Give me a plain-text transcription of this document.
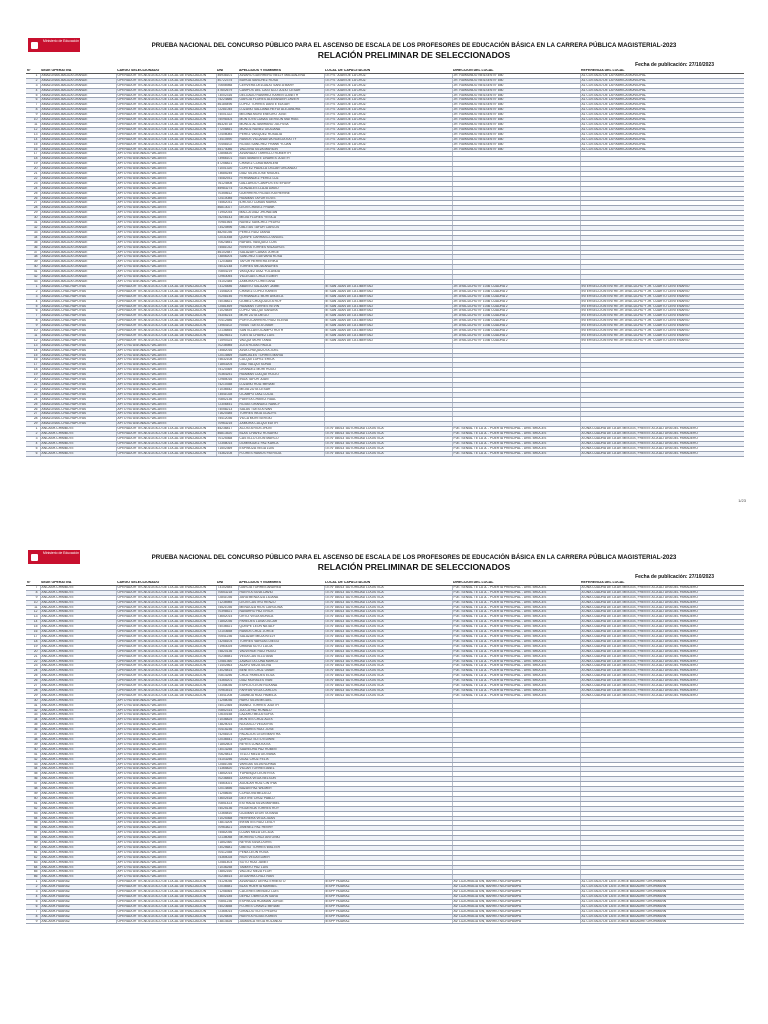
Ministerio de Educación
PRUEBA NACIONAL DEL CONCURSO PÚBLICO PARA EL ASCENSO DE ESCALA DE LOS PROFESORES DE EDUCACIÓN BÁSICA EN LA CARRERA PÚBLICA MAGISTERIAL-2023
RELACIÓN PRELIMINAR DE SELECCIONADOS
Fecha de publicación: 27/10/2023
N°	SEDE OPERATIVA	CARGO SELECCIONADO	DNI	APELLIDOS Y NOMBRES	LOCAL DE CAPACITACIÓN	DIRECCIÓN DEL LOCAL	REFERENCIA DEL LOCAL
1	AMAZONAS-BAGUA GRANDE	OPERADOR TECNOLÓGICO DE LOCAL DE EVALUACIÓN	46938101	ALVARO GUERRERO NELLY MAGDALENA	I.E.P.S 'JUAN DE LA CRUZ'	JR. RAIMUNDO NEILSEN N° 850	AL COSTADO DE LA FABRICA MUNICIPAL
2	AMAZONAS-BAGUA GRANDE	OPERADOR TECNOLÓGICO DE LOCAL DE EVALUACIÓN	40722375	BURGA SANCHEZ ROSA	I.E.P.S 'JUAN DE LA CRUZ'	JR. RAIMUNDO NEILSEN N° 850	AL COSTADO DE LA FABRICA MUNICIPAL
3	AMAZONAS-BAGUA GRANDE	OPERADOR TECNOLÓGICO DE LOCAL DE EVALUACIÓN	70656988	CERVERA DELGADO SANTA MARY	I.E.P.S 'JUAN DE LA CRUZ'	JR. RAIMUNDO NEILSEN N° 850	AL COSTADO DE LA FABRICA MUNICIPAL
4	AMAZONAS-BAGUA GRANDE	OPERADOR TECNOLÓGICO DE LOCAL DE EVALUACIÓN	47602679	CAMPOS DEL CASTILLO JULIO CESAR	I.E.P.S 'JUAN DE LA CRUZ'	JR. RAIMUNDO NEILSEN N° 850	AL COSTADO DE LA FABRICA MUNICIPAL
5	AMAZONAS-BAGUA GRANDE	OPERADOR TECNOLÓGICO DE LOCAL DE EVALUACIÓN	73002316	DELGADO RAMIREZ KAREN LIZBETH	I.E.P.S 'JUAN DE LA CRUZ'	JR. RAIMUNDO NEILSEN N° 850	AL COSTADO DE LA FABRICA MUNICIPAL
6	AMAZONAS-BAGUA GRANDE	OPERADOR TECNOLÓGICO DE LOCAL DE EVALUACIÓN	75224886	GARCIA FLORES ALEXANDER JAVIER	I.E.P.S 'JUAN DE LA CRUZ'	JR. RAIMUNDO NEILSEN N° 850	AL COSTADO DE LA FABRICA MUNICIPAL
7	AMAZONAS-BAGUA GRANDE	OPERADOR TECNOLÓGICO DE LOCAL DE EVALUACIÓN	46185496	LOPEZ TORRES DANTE EDGAR	I.E.P.S 'JUAN DE LA CRUZ'	JR. RAIMUNDO NEILSEN N° 850	AL COSTADO DE LA FABRICA MUNICIPAL
8	AMAZONAS-BAGUA GRANDE	OPERADOR TECNOLÓGICO DE LOCAL DE EVALUACIÓN	72281045	LOZANO SALDAÑA HEYDI ALEJANDRA	I.E.P.S 'JUAN DE LA CRUZ'	JR. RAIMUNDO NEILSEN N° 850	AL COSTADO DE LA FABRICA MUNICIPAL
9	AMAZONAS-BAGUA GRANDE	OPERADOR TECNOLÓGICO DE LOCAL DE EVALUACIÓN	74001322	MEDINA MONTENEGRO JOSE	I.E.P.S 'JUAN DE LA CRUZ'	JR. RAIMUNDO NEILSEN N° 850	AL COSTADO DE LA FABRICA MUNICIPAL
10	AMAZONAS-BAGUA GRANDE	OPERADOR TECNOLÓGICO DE LOCAL DE EVALUACIÓN	75098304	MONTOYA CUBAS GERSON MATHIAS	I.E.P.S 'JUAN DE LA CRUZ'	JR. RAIMUNDO NEILSEN N° 850	AL COSTADO DE LA FABRICA MUNICIPAL
11	AMAZONAS-BAGUA GRANDE	OPERADOR TECNOLÓGICO DE LOCAL DE EVALUACIÓN	46328718	MUNOZ ALTAMIRANO JULYSSA	I.E.P.S 'JUAN DE LA CRUZ'	JR. RAIMUNDO NEILSEN N° 850	AL COSTADO DE LA FABRICA MUNICIPAL
12	AMAZONAS-BAGUA GRANDE	OPERADOR TECNOLÓGICO DE LOCAL DE EVALUACIÓN	77208851	MUÑOZ NUÑEZ GIULIANA	I.E.P.S 'JUAN DE LA CRUZ'	JR. RAIMUNDO NEILSEN N° 850	AL COSTADO DE LA FABRICA MUNICIPAL
13	AMAZONAS-BAGUA GRANDE	OPERADOR TECNOLÓGICO DE LOCAL DE EVALUACIÓN	72406084	PEREZ VASQUEZ ROSALIA	I.E.P.S 'JUAN DE LA CRUZ'	JR. RAIMUNDO NEILSEN N° 850	AL COSTADO DE LA FABRICA MUNICIPAL
14	AMAZONAS-BAGUA GRANDE	OPERADOR TECNOLÓGICO DE LOCAL DE EVALUACIÓN	73410590	RAMOS VILLANUEVA NOELIA KATTY	I.E.P.S 'JUAN DE LA CRUZ'	JR. RAIMUNDO NEILSEN N° 850	AL COSTADO DE LA FABRICA MUNICIPAL
15	AMAZONAS-BAGUA GRANDE	OPERADOR TECNOLÓGICO DE LOCAL DE EVALUACIÓN	70458102	ROJAS SANCHEZ FRANK YOJAN	I.E.P.S 'JUAN DE LA CRUZ'	JR. RAIMUNDO NEILSEN N° 850	AL COSTADO DE LA FABRICA MUNICIPAL
16	AMAZONAS-BAGUA GRANDE	OPERADOR TECNOLÓGICO DE LOCAL DE EVALUACIÓN	45174086	VALDIVIA SILVA MARILIN	I.E.P.S 'JUAN DE LA CRUZ'	JR. RAIMUNDO NEILSEN N° 850	AL COSTADO DE LA FABRICA MUNICIPAL
17	AMAZONAS-BAGUA GRANDE	APTO NO ASIGNADO VACANTE	72856420	ALVARADO TARRILLO ROBERTH			
18	AMAZONAS-BAGUA GRANDE	APTO NO ASIGNADO VACANTE	73966101	BUSTAMANTE LINARES JUDITH			
19	AMAZONAS-BAGUA GRANDE	APTO NO ASIGNADO VACANTE	47256821	CHAVEZ COBA MARLENI			
20	AMAZONAS-BAGUA GRANDE	APTO NO ASIGNADO VACANTE	71001320	CORTEZ PADILLA OSCAR ORLANDO			
21	AMAZONAS-BAGUA GRANDE	APTO NO ASIGNADO VACANTE	73685245	DIAZ SILVA JOSE MIGUEL			
22	AMAZONAS-BAGUA GRANDE	APTO NO ASIGNADO VACANTE	74082931	FERNANDEZ PEREZ LUZ			
23	AMAZONAS-BAGUA GRANDE	APTO NO ASIGNADO VACANTE	76124508	GALLARDO CAMPOS ESTEFANY			
24	AMAZONAS-BAGUA GRANDE	APTO NO ASIGNADO VACANTE	45983274	GONZALES LLAJA DAVID			
25	AMAZONAS-BAGUA GRANDE	APTO NO ASIGNADO VACANTE	70355612	GUERRERO ROJAS KATHERINE			
26	AMAZONAS-BAGUA GRANDE	APTO NO ASIGNADO VACANTE	72410085	HUAMAN TAFUR ELVIS			
27	AMAZONAS-BAGUA GRANDE	APTO NO ASIGNADO VACANTE	74562031	IDROGO CUBAS MARIA			
28	AMAZONAS-BAGUA GRANDE	APTO NO ASIGNADO VACANTE	46813027	LEON CHAVEZ FRANK			
29	AMAZONAS-BAGUA GRANDE	APTO NO ASIGNADO VACANTE	71952034	MALCA DIAZ JHONATAN			
30	AMAZONAS-BAGUA GRANDE	APTO NO ASIGNADO VACANTE	75206143	MEJIA FLORES YESICA			
31	AMAZONAS-BAGUA GRANDE	APTO NO ASIGNADO VACANTE	70981564	NUÑEZ SANCHEZ PEDRO			
32	AMAZONAS-BAGUA GRANDE	APTO NO ASIGNADO VACANTE	73420896	OBLITAS TAFUR CARLOS			
33	AMAZONAS-BAGUA GRANDE	APTO NO ASIGNADO VACANTE	48251036	PEREZ RUIZ DIANA			
34	AMAZONAS-BAGUA GRANDE	APTO NO ASIGNADO VACANTE	72031458	QUISPE CARRASCO ANGEL			
35	AMAZONAS-BAGUA GRANDE	APTO NO ASIGNADO VACANTE	70624851	RAFAEL VASQUEZ LUIS			
36	AMAZONAS-BAGUA GRANDE	APTO NO ASIGNADO VACANTE	74581032	RIVERA TORRES MILAGROS			
37	AMAZONAS-BAGUA GRANDE	APTO NO ASIGNADO VACANTE	46102587	SALAZAR CUBAS JORGE			
38	AMAZONAS-BAGUA GRANDE	APTO NO ASIGNADO VACANTE	73856204	SANCHEZ GUEVARA ROSA			
39	AMAZONAS-BAGUA GRANDE	APTO NO ASIGNADO VACANTE	71203685	TAFUR HERRERA ERIKA			
40	AMAZONAS-BAGUA GRANDE	APTO NO ASIGNADO VACANTE	75032148	TORRES MEJIA ANDRES			
41	AMAZONAS-BAGUA GRANDE	APTO NO ASIGNADO VACANTE	70854219	VASQUEZ DIAZ YOLANDA			
42	AMAZONAS-BAGUA GRANDE	APTO NO ASIGNADO VACANTE	72963054	VILLEGAS CRUZ ELMER			
43	AMAZONAS-BAGUA GRANDE	APTO NO ASIGNADO VACANTE	74102385	ZAMORA FLORES ANA			
1	AMAZONAS-CHACHAPOYAS	OPERADOR TECNOLÓGICO DE LOCAL DE EVALUACIÓN	73125486	ABANTO SALAZAR JAIME	IE SAN JUAN DE LA LIBERTAD	JR. AYACUCHO N° 1036 CUADRA 2	INTERSECCIÓN ENTRE JR. AYACUCHO Y JR. CUARTO CENTENARIO
2	AMAZONAS-CHACHAPOYAS	OPERADOR TECNOLÓGICO DE LOCAL DE EVALUACIÓN	71458203	CHAVEZ LOPEZ KAREN	IE SAN JUAN DE LA LIBERTAD	JR. AYACUCHO N° 1036 CUADRA 2	INTERSECCIÓN ENTRE JR. AYACUCHO Y JR. CUARTO CENTENARIO
3	AMAZONAS-CHACHAPOYAS	OPERADOR TECNOLÓGICO DE LOCAL DE EVALUACIÓN	70258146	FERNANDEZ MORI ANGELA	IE SAN JUAN DE LA LIBERTAD	JR. AYACUCHO N° 1036 CUADRA 2	INTERSECCIÓN ENTRE JR. AYACUCHO Y JR. CUARTO CENTENARIO
4	AMAZONAS-CHACHAPOYAS	OPERADOR TECNOLÓGICO DE LOCAL DE EVALUACIÓN	74036821	GOMEZ CHUQUIZUTA ROY	IE SAN JUAN DE LA LIBERTAD	JR. AYACUCHO N° 1036 CUADRA 2	INTERSECCIÓN ENTRE JR. AYACUCHO Y JR. CUARTO CENTENARIO
5	AMAZONAS-CHACHAPOYAS	OPERADOR TECNOLÓGICO DE LOCAL DE EVALUACIÓN	72581469	HUAMAN TORRES KEVIN	IE SAN JUAN DE LA LIBERTAD	JR. AYACUCHO N° 1036 CUADRA 2	INTERSECCIÓN ENTRE JR. AYACUCHO Y JR. CUARTO CENTENARIO
6	AMAZONAS-CHACHAPOYAS	OPERADOR TECNOLÓGICO DE LOCAL DE EVALUACIÓN	71025839	LOPEZ VALQUI SANDRA	IE SAN JUAN DE LA LIBERTAD	JR. AYACUCHO N° 1036 CUADRA 2	INTERSECCIÓN ENTRE JR. AYACUCHO Y JR. CUARTO CENTENARIO
7	AMAZONAS-CHACHAPOYAS	OPERADOR TECNOLÓGICO DE LOCAL DE EVALUACIÓN	75306214	MORI ZUTA DIEGO	IE SAN JUAN DE LA LIBERTAD	JR. AYACUCHO N° 1036 CUADRA 2	INTERSECCIÓN ENTRE JR. AYACUCHO Y JR. CUARTO CENTENARIO
8	AMAZONAS-CHACHAPOYAS	OPERADOR TECNOLÓGICO DE LOCAL DE EVALUACIÓN	70412586	PORTOCARRERO RUIZ ELENA	IE SAN JUAN DE LA LIBERTAD	JR. AYACUCHO N° 1036 CUADRA 2	INTERSECCIÓN ENTRE JR. AYACUCHO Y JR. CUARTO CENTENARIO
9	AMAZONAS-CHACHAPOYAS	OPERADOR TECNOLÓGICO DE LOCAL DE EVALUACIÓN	73964102	RIVAS TUESTA OMAR	IE SAN JUAN DE LA LIBERTAD	JR. AYACUCHO N° 1036 CUADRA 2	INTERSECCIÓN ENTRE JR. AYACUCHO Y JR. CUARTO CENTENARIO
10	AMAZONAS-CHACHAPOYAS	OPERADOR TECNOLÓGICO DE LOCAL DE EVALUACIÓN	72136854	SANTILLAN OCAMPO RUTH	IE SAN JUAN DE LA LIBERTAD	JR. AYACUCHO N° 1036 CUADRA 2	INTERSECCIÓN ENTRE JR. AYACUCHO Y JR. CUARTO CENTENARIO
11	AMAZONAS-CHACHAPOYAS	OPERADOR TECNOLÓGICO DE LOCAL DE EVALUACIÓN	74825631	TUESTA CHAVEZ LUIS	IE SAN JUAN DE LA LIBERTAD	JR. AYACUCHO N° 1036 CUADRA 2	INTERSECCIÓN ENTRE JR. AYACUCHO Y JR. CUARTO CENTENARIO
12	AMAZONAS-CHACHAPOYAS	OPERADOR TECNOLÓGICO DE LOCAL DE EVALUACIÓN	71590324	VALQUI MORI TANIA	IE SAN JUAN DE LA LIBERTAD	JR. AYACUCHO N° 1036 CUADRA 2	INTERSECCIÓN ENTRE JR. AYACUCHO Y JR. CUARTO CENTENARIO
13	AMAZONAS-CHACHAPOYAS	APTO NO ASIGNADO VACANTE	70236985	ZUTA ROJAS PAOLA			
14	AMAZONAS-CHACHAPOYAS	APTO NO ASIGNADO VACANTE	73582016	ALVA CHUQUIZUTA JOEL			
15	AMAZONAS-CHACHAPOYAS	APTO NO ASIGNADO VACANTE	72014569	BARDALES TORRES MARIA			
16	AMAZONAS-CHACHAPOYAS	APTO NO ASIGNADO VACANTE	74632108	CULQUI LOPEZ ERICK			
17	AMAZONAS-CHACHAPOYAS	APTO NO ASIGNADO VACANTE	71853204	DIAZ VALQUI SONIA			
18	AMAZONAS-CHACHAPOYAS	APTO NO ASIGNADO VACANTE	75120369	GRANDEZ MORI HUGO			
19	AMAZONAS-CHACHAPOYAS	APTO NO ASIGNADO VACANTE	70364251	HUAMAN CULQUI ROCIO			
20	AMAZONAS-CHACHAPOYAS	APTO NO ASIGNADO VACANTE	72985016	INGA TAFUR JUAN			
21	AMAZONAS-CHACHAPOYAS	APTO NO ASIGNADO VACANTE	74210358	LOZANO RUIZ MIRIAM			
22	AMAZONAS-CHACHAPOYAS	APTO NO ASIGNADO VACANTE	71036542	MEJIA ZUTA CESAR			
23	AMAZONAS-CHACHAPOYAS	APTO NO ASIGNADO VACANTE	73541028	OCAMPO DIAZ LUCIA			
24	AMAZONAS-CHACHAPOYAS	APTO NO ASIGNADO VACANTE	70852136	PUERTA CHAVEZ RAUL			
25	AMAZONAS-CHACHAPOYAS	APTO NO ASIGNADO VACANTE	72306451	ROJAS GRANDEZ NANCY			
26	AMAZONAS-CHACHAPOYAS	APTO NO ASIGNADO VACANTE	74058213	SALAS TUESTA IVAN			
27	AMAZONAS-CHACHAPOYAS	APTO NO ASIGNADO VACANTE	71620385	TORRES INGA GLADYS			
28	AMAZONAS-CHACHAPOYAS	APTO NO ASIGNADO VACANTE	75412036	VILCA MORI SERGIO			
29	AMAZONAS-CHACHAPOYAS	APTO NO ASIGNADO VACANTE	70963215	ZAMORA CULQUI EDITH			
1	ANCASH-CHIMBOTE	OPERADOR TECNOLÓGICO DE LOCAL DE EVALUACIÓN	45236817	ACOSTA RIOS JHON	I.E.N° 88013 'AUTORIDAD LOGÍSTICA'	PJE. SENIAL TE LA JL - PUERTA PRINCIPAL - URB. BRUCES	A UNA CUADRA DE LA AV. MEIGGS, FRENTE A LA ALTURA DEL PARADERO
2	ANCASH-CHIMBOTE	OPERADOR TECNOLÓGICO DE LOCAL DE EVALUACIÓN	46813520	BLAS CHAVEZ ROSARIO	I.E.N° 88013 'AUTORIDAD LOGÍSTICA'	PJE. SENIAL TE LA JL - PUERTA PRINCIPAL - URB. BRUCES	A UNA CUADRA DE LA AV. MEIGGS, FRENTE A LA ALTURA DEL PARADERO
3	ANCASH-CHIMBOTE	OPERADOR TECNOLÓGICO DE LOCAL DE EVALUACIÓN	70125368	CASTILLO LEON MARCO	I.E.N° 88013 'AUTORIDAD LOGÍSTICA'	PJE. SENIAL TE LA JL - PUERTA PRINCIPAL - URB. BRUCES	A UNA CUADRA DE LA AV. MEIGGS, FRENTE A LA ALTURA DEL PARADERO
4	ANCASH-CHIMBOTE	OPERADOR TECNOLÓGICO DE LOCAL DE EVALUACIÓN	72358014	DOMINGUEZ PAZ KARLA	I.E.N° 88013 'AUTORIDAD LOGÍSTICA'	PJE. SENIAL TE LA JL - PUERTA PRINCIPAL - URB. BRUCES	A UNA CUADRA DE LA AV. MEIGGS, FRENTE A LA ALTURA DEL PARADERO
5	ANCASH-CHIMBOTE	OPERADOR TECNOLÓGICO DE LOCAL DE EVALUACIÓN	71502369	ESPINOZA VEGA LUIS	I.E.N° 88013 'AUTORIDAD LOGÍSTICA'	PJE. SENIAL TE LA JL - PUERTA PRINCIPAL - URB. BRUCES	A UNA CUADRA DE LA AV. MEIGGS, FRENTE A LA ALTURA DEL PARADERO
6	ANCASH-CHIMBOTE	OPERADOR TECNOLÓGICO DE LOCAL DE EVALUACIÓN	74362108	FLORES RAMOS PATRICIA	I.E.N° 88013 'AUTORIDAD LOGÍSTICA'	PJE. SENIAL TE LA JL - PUERTA PRINCIPAL - URB. BRUCES	A UNA CUADRA DE LA AV. MEIGGS, FRENTE A LA ALTURA DEL PARADERO
1/23
Ministerio de Educación
PRUEBA NACIONAL DEL CONCURSO PÚBLICO PARA EL ASCENSO DE ESCALA DE LOS PROFESORES DE EDUCACIÓN BÁSICA EN LA CARRERA PÚBLICA MAGISTERIAL-2023
RELACIÓN PRELIMINAR DE SELECCIONADOS
Fecha de publicación: 27/10/2023
N°	SEDE OPERATIVA	CARGO SELECCIONADO	DNI	APELLIDOS Y NOMBRES	LOCAL DE CAPACITACIÓN	DIRECCIÓN DEL LOCAL	REFERENCIA DEL LOCAL
7	ANCASH-CHIMBOTE	OPERADOR TECNOLÓGICO DE LOCAL DE EVALUACIÓN	73102584	GARCIA TORRES ANDREA	I.E.N° 88013 'AUTORIDAD LOGÍSTICA'	PJE. SENIAL TE LA JL - PUERTA PRINCIPAL - URB. BRUCES	A UNA CUADRA DE LA AV. MEIGGS, FRENTE A LA ALTURA DEL PARADERO
8	ANCASH-CHIMBOTE	OPERADOR TECNOLÓGICO DE LOCAL DE EVALUACIÓN	70653218	HUERTA SILVA DAVID	I.E.N° 88013 'AUTORIDAD LOGÍSTICA'	PJE. SENIAL TE LA JL - PUERTA PRINCIPAL - URB. BRUCES	A UNA CUADRA DE LA AV. MEIGGS, FRENTE A LA ALTURA DEL PARADERO
9	ANCASH-CHIMBOTE	OPERADOR TECNOLÓGICO DE LOCAL DE EVALUACIÓN	72841036	JARA MENDOZA LILIANA	I.E.N° 88013 'AUTORIDAD LOGÍSTICA'	PJE. SENIAL TE LA JL - PUERTA PRINCIPAL - URB. BRUCES	A UNA CUADRA DE LA AV. MEIGGS, FRENTE A LA ALTURA DEL PARADERO
10	ANCASH-CHIMBOTE	OPERADOR TECNOLÓGICO DE LOCAL DE EVALUACIÓN	71236985	LEON CASTRO RENZO	I.E.N° 88013 'AUTORIDAD LOGÍSTICA'	PJE. SENIAL TE LA JL - PUERTA PRINCIPAL - URB. BRUCES	A UNA CUADRA DE LA AV. MEIGGS, FRENTE A LA ALTURA DEL PARADERO
11	ANCASH-CHIMBOTE	OPERADOR TECNOLÓGICO DE LOCAL DE EVALUACIÓN	74521036	MENDOZA RIOS CAROLINA	I.E.N° 88013 'AUTORIDAD LOGÍSTICA'	PJE. SENIAL TE LA JL - PUERTA PRINCIPAL - URB. BRUCES	A UNA CUADRA DE LA AV. MEIGGS, FRENTE A LA ALTURA DEL PARADERO
12	ANCASH-CHIMBOTE	OPERADOR TECNOLÓGICO DE LOCAL DE EVALUACIÓN	70398521	NAVARRO PAZ ERICK	I.E.N° 88013 'AUTORIDAD LOGÍSTICA'	PJE. SENIAL TE LA JL - PUERTA PRINCIPAL - URB. BRUCES	A UNA CUADRA DE LA AV. MEIGGS, FRENTE A LA ALTURA DEL PARADERO
13	ANCASH-CHIMBOTE	OPERADOR TECNOLÓGICO DE LOCAL DE EVALUACIÓN	73652014	ORTIZ VEGA MONICA	I.E.N° 88013 'AUTORIDAD LOGÍSTICA'	PJE. SENIAL TE LA JL - PUERTA PRINCIPAL - URB. BRUCES	A UNA CUADRA DE LA AV. MEIGGS, FRENTE A LA ALTURA DEL PARADERO
14	ANCASH-CHIMBOTE	OPERADOR TECNOLÓGICO DE LOCAL DE EVALUACIÓN	71852036	PAREDES LUNA OSCAR	I.E.N° 88013 'AUTORIDAD LOGÍSTICA'	PJE. SENIAL TE LA JL - PUERTA PRINCIPAL - URB. BRUCES	A UNA CUADRA DE LA AV. MEIGGS, FRENTE A LA ALTURA DEL PARADERO
15	ANCASH-CHIMBOTE	OPERADOR TECNOLÓGICO DE LOCAL DE EVALUACIÓN	74036521	QUISPE LEON NATALY	I.E.N° 88013 'AUTORIDAD LOGÍSTICA'	PJE. SENIAL TE LA JL - PUERTA PRINCIPAL - URB. BRUCES	A UNA CUADRA DE LA AV. MEIGGS, FRENTE A LA ALTURA DEL PARADERO
16	ANCASH-CHIMBOTE	OPERADOR TECNOLÓGICO DE LOCAL DE EVALUACIÓN	72103658	RAMOS CRUZ JORGE	I.E.N° 88013 'AUTORIDAD LOGÍSTICA'	PJE. SENIAL TE LA JL - PUERTA PRINCIPAL - URB. BRUCES	A UNA CUADRA DE LA AV. MEIGGS, FRENTE A LA ALTURA DEL PARADERO
17	ANCASH-CHIMBOTE	OPERADOR TECNOLÓGICO DE LOCAL DE EVALUACIÓN	70541236	SALAZAR MEZA KELLY	I.E.N° 88013 'AUTORIDAD LOGÍSTICA'	PJE. SENIAL TE LA JL - PUERTA PRINCIPAL - URB. BRUCES	A UNA CUADRA DE LA AV. MEIGGS, FRENTE A LA ALTURA DEL PARADERO
18	ANCASH-CHIMBOTE	OPERADOR TECNOLÓGICO DE LOCAL DE EVALUACIÓN	73258104	TORRES VARGAS DIEGO	I.E.N° 88013 'AUTORIDAD LOGÍSTICA'	PJE. SENIAL TE LA JL - PUERTA PRINCIPAL - URB. BRUCES	A UNA CUADRA DE LA AV. MEIGGS, FRENTE A LA ALTURA DEL PARADERO
19	ANCASH-CHIMBOTE	OPERADOR TECNOLÓGICO DE LOCAL DE EVALUACIÓN	71963025	URBINA SOTO LUCIA	I.E.N° 88013 'AUTORIDAD LOGÍSTICA'	PJE. SENIAL TE LA JL - PUERTA PRINCIPAL - URB. BRUCES	A UNA CUADRA DE LA AV. MEIGGS, FRENTE A LA ALTURA DEL PARADERO
20	ANCASH-CHIMBOTE	OPERADOR TECNOLÓGICO DE LOCAL DE EVALUACIÓN	74820136	VALVERDE RUIZ HUGO	I.E.N° 88013 'AUTORIDAD LOGÍSTICA'	PJE. SENIAL TE LA JL - PUERTA PRINCIPAL - URB. BRUCES	A UNA CUADRA DE LA AV. MEIGGS, FRENTE A LA ALTURA DEL PARADERO
21	ANCASH-CHIMBOTE	OPERADOR TECNOLÓGICO DE LOCAL DE EVALUACIÓN	70236581	VEGA CASTILLO ANA	I.E.N° 88013 'AUTORIDAD LOGÍSTICA'	PJE. SENIAL TE LA JL - PUERTA PRINCIPAL - URB. BRUCES	A UNA CUADRA DE LA AV. MEIGGS, FRENTE A LA ALTURA DEL PARADERO
22	ANCASH-CHIMBOTE	OPERADOR TECNOLÓGICO DE LOCAL DE EVALUACIÓN	72581360	ZAVALETA LUNA MARCO	I.E.N° 88013 'AUTORIDAD LOGÍSTICA'	PJE. SENIAL TE LA JL - PUERTA PRINCIPAL - URB. BRUCES	A UNA CUADRA DE LA AV. MEIGGS, FRENTE A LA ALTURA DEL PARADERO
23	ANCASH-CHIMBOTE	OPERADOR TECNOLÓGICO DE LOCAL DE EVALUACIÓN	71402563	ALAYO MEZA SILVIA	I.E.N° 88013 'AUTORIDAD LOGÍSTICA'	PJE. SENIAL TE LA JL - PUERTA PRINCIPAL - URB. BRUCES	A UNA CUADRA DE LA AV. MEIGGS, FRENTE A LA ALTURA DEL PARADERO
24	ANCASH-CHIMBOTE	OPERADOR TECNOLÓGICO DE LOCAL DE EVALUACIÓN	73025814	BENITES CRUZ OMAR	I.E.N° 88013 'AUTORIDAD LOGÍSTICA'	PJE. SENIAL TE LA JL - PUERTA PRINCIPAL - URB. BRUCES	A UNA CUADRA DE LA AV. MEIGGS, FRENTE A LA ALTURA DEL PARADERO
25	ANCASH-CHIMBOTE	OPERADOR TECNOLÓGICO DE LOCAL DE EVALUACIÓN	70814256	CRUZ PAREDES ELSA	I.E.N° 88013 'AUTORIDAD LOGÍSTICA'	PJE. SENIAL TE LA JL - PUERTA PRINCIPAL - URB. BRUCES	A UNA CUADRA DE LA AV. MEIGGS, FRENTE A LA ALTURA DEL PARADERO
26	ANCASH-CHIMBOTE	OPERADOR TECNOLÓGICO DE LOCAL DE EVALUACIÓN	74365201	DIAZ MORALES IVAN	I.E.N° 88013 'AUTORIDAD LOGÍSTICA'	PJE. SENIAL TE LA JL - PUERTA PRINCIPAL - URB. BRUCES	A UNA CUADRA DE LA AV. MEIGGS, FRENTE A LA ALTURA DEL PARADERO
27	ANCASH-CHIMBOTE	OPERADOR TECNOLÓGICO DE LOCAL DE EVALUACIÓN	72158036	ESPEJO LEON ROXANA	I.E.N° 88013 'AUTORIDAD LOGÍSTICA'	PJE. SENIAL TE LA JL - PUERTA PRINCIPAL - URB. BRUCES	A UNA CUADRA DE LA AV. MEIGGS, FRENTE A LA ALTURA DEL PARADERO
28	ANCASH-CHIMBOTE	OPERADOR TECNOLÓGICO DE LOCAL DE EVALUACIÓN	70963514	FARFAN VEGA CARLOS	I.E.N° 88013 'AUTORIDAD LOGÍSTICA'	PJE. SENIAL TE LA JL - PUERTA PRINCIPAL - URB. BRUCES	A UNA CUADRA DE LA AV. MEIGGS, FRENTE A LA ALTURA DEL PARADERO
29	ANCASH-CHIMBOTE	OPERADOR TECNOLÓGICO DE LOCAL DE EVALUACIÓN	73541208	GAMBOA RUIZ PAMELA	I.E.N° 88013 'AUTORIDAD LOGÍSTICA'	PJE. SENIAL TE LA JL - PUERTA PRINCIPAL - URB. BRUCES	A UNA CUADRA DE LA AV. MEIGGS, FRENTE A LA ALTURA DEL PARADERO
30	ANCASH-CHIMBOTE	APTO NO ASIGNADO VACANTE	71258036	HARO SILVA MIGUEL			
31	ANCASH-CHIMBOTE	APTO NO ASIGNADO VACANTE	74012365	IBAÑEZ TORRES JUDITH			
32	ANCASH-CHIMBOTE	APTO NO ASIGNADO VACANTE	70852314	JULCA PAZ RONALD			
33	ANCASH-CHIMBOTE	APTO NO ASIGNADO VACANTE	72630158	LAZARO MEZA SOFIA			
34	ANCASH-CHIMBOTE	APTO NO ASIGNADO VACANTE	71036825	MONTES CRUZ ALEX			
35	ANCASH-CHIMBOTE	APTO NO ASIGNADO VACANTE	73825014	NOLASCO VEGA IRIS			
36	ANCASH-CHIMBOTE	APTO NO ASIGNADO VACANTE	70415236	OLIVARES RUIZ JOSE			
37	ANCASH-CHIMBOTE	APTO NO ASIGNADO VACANTE	74258103	PALACIOS LEON MARTHA			
38	ANCASH-CHIMBOTE	APTO NO ASIGNADO VACANTE	72036541	QUIROZ SOTO EDWIN			
39	ANCASH-CHIMBOTE	APTO NO ASIGNADO VACANTE	71852603	REYES LUNA KATIA			
40	ANCASH-CHIMBOTE	APTO NO ASIGNADO VACANTE	73014258	SAAVEDRA PAZ RUBEN			
41	ANCASH-CHIMBOTE	APTO NO ASIGNADO VACANTE	70625813	TELLO MEZA GIOVANA			
42	ANCASH-CHIMBOTE	APTO NO ASIGNADO VACANTE	74103256	UGAZ CRUZ FELIX			
43	ANCASH-CHIMBOTE	APTO NO ASIGNADO VACANTE	72581036	VARGAS SILVA NORMA			
44	ANCASH-CHIMBOTE	APTO NO ASIGNADO VACANTE	71365820	VILLAR TORRES ABEL			
45	ANCASH-CHIMBOTE	APTO NO ASIGNADO VACANTE	73852014	YUPANQUI LEON RITA			
46	ANCASH-CHIMBOTE	APTO NO ASIGNADO VACANTE	70236854	ZAPATA VEGA NELSON			
47	ANCASH-CHIMBOTE	APTO NO ASIGNADO VACANTE	74563021	AGUILAR RUIZ CINTHIA			
48	ANCASH-CHIMBOTE	APTO NO ASIGNADO VACANTE	72014856	BAZAN PAZ WILMER			
49	ANCASH-CHIMBOTE	APTO NO ASIGNADO VACANTE	71258630	CORDOVA MEZA LIZ			
50	ANCASH-CHIMBOTE	APTO NO ASIGNADO VACANTE	73602518	DEXTRE CRUZ PABLO			
51	ANCASH-CHIMBOTE	APTO NO ASIGNADO VACANTE	70851423	ESTRADA SILVA MARIBEL			
52	ANCASH-CHIMBOTE	APTO NO ASIGNADO VACANTE	74025136	FIGUEROA TORRES ROY			
53	ANCASH-CHIMBOTE	APTO NO ASIGNADO VACANTE	72365810	GUZMAN LEON TATIANA			
54	ANCASH-CHIMBOTE	APTO NO ASIGNADO VACANTE	71025368	HERRERA VEGA JUAN			
55	ANCASH-CHIMBOTE	APTO NO ASIGNADO VACANTE	73814205	INFANTES RUIZ LESLY			
56	ANCASH-CHIMBOTE	APTO NO ASIGNADO VACANTE	70963821	JIMENEZ PAZ HENRY			
57	ANCASH-CHIMBOTE	APTO NO ASIGNADO VACANTE	74582036	LUJAN MEZA CECILIA			
58	ANCASH-CHIMBOTE	APTO NO ASIGNADO VACANTE	72136058	MORENO CRUZ ANTONIO			
59	ANCASH-CHIMBOTE	APTO NO ASIGNADO VACANTE	71852360	NEYRA SILVA DORIS			
60	ANCASH-CHIMBOTE	APTO NO ASIGNADO VACANTE	73025681	OBESO TORRES WALTER			
61	ANCASH-CHIMBOTE	APTO NO ASIGNADO VACANTE	70412358	PEÑA LEON ROSA			
62	ANCASH-CHIMBOTE	APTO NO ASIGNADO VACANTE	74365028	RIOS VEGA ELMER			
63	ANCASH-CHIMBOTE	APTO NO ASIGNADO VACANTE	72581403	SOTO RUIZ JANET			
64	ANCASH-CHIMBOTE	APTO NO ASIGNADO VACANTE	71036258	TAMAYO PAZ LUIS			
65	ANCASH-CHIMBOTE	APTO NO ASIGNADO VACANTE	73852160	VALDEZ MEZA FLOR			
66	ANCASH-CHIMBOTE	APTO NO ASIGNADO VACANTE	70236514	ZEGARRA CRUZ IVAN			
1	ANCASH-HUARAZ	OPERADOR TECNOLÓGICO DE LOCAL DE EVALUACIÓN	74125036	ALVARADO DEPAZ ERNESTO	IESPP HUARAZ	AV. LUZURIAGA S/N, BARRIO NICRUPAMPA	AL COSTADO DE LA IE JORGE BASADRE GROHMANN
2	ANCASH-HUARAZ	OPERADOR TECNOLÓGICO DE LOCAL DE EVALUACIÓN	72036581	BLAS HUERTA MARIBEL	IESPP HUARAZ	AV. LUZURIAGA S/N, BARRIO NICRUPAMPA	AL COSTADO DE LA IE JORGE BASADRE GROHMANN
3	ANCASH-HUARAZ	OPERADOR TECNOLÓGICO DE LOCAL DE EVALUACIÓN	71258364	CACERES MENDEZ LUIS	IESPP HUARAZ	AV. LUZURIAGA S/N, BARRIO NICRUPAMPA	AL COSTADO DE LA IE JORGE BASADRE GROHMANN
4	ANCASH-HUARAZ	OPERADOR TECNOLÓGICO DE LOCAL DE EVALUACIÓN	73602185	DEPAZ OBREGON SARA	IESPP HUARAZ	AV. LUZURIAGA S/N, BARRIO NICRUPAMPA	AL COSTADO DE LA IE JORGE BASADRE GROHMANN
5	ANCASH-HUARAZ	OPERADOR TECNOLÓGICO DE LOCAL DE EVALUACIÓN	70851236	ESPINOZA HUAMAN JORGE	IESPP HUARAZ	AV. LUZURIAGA S/N, BARRIO NICRUPAMPA	AL COSTADO DE LA IE JORGE BASADRE GROHMANN
6	ANCASH-HUARAZ	OPERADOR TECNOLÓGICO DE LOCAL DE EVALUACIÓN	74023658	FLORES CHAVEZ MIRIAM	IESPP HUARAZ	AV. LUZURIAGA S/N, BARRIO NICRUPAMPA	AL COSTADO DE LA IE JORGE BASADRE GROHMANN
7	ANCASH-HUARAZ	OPERADOR TECNOLÓGICO DE LOCAL DE EVALUACIÓN	72365014	GIRALDO SOTO PEDRO	IESPP HUARAZ	AV. LUZURIAGA S/N, BARRIO NICRUPAMPA	AL COSTADO DE LA IE JORGE BASADRE GROHMANN
8	ANCASH-HUARAZ	OPERADOR TECNOLÓGICO DE LOCAL DE EVALUACIÓN	71025836	HUERTA ROJAS KAREN	IESPP HUARAZ	AV. LUZURIAGA S/N, BARRIO NICRUPAMPA	AL COSTADO DE LA IE JORGE BASADRE GROHMANN
9	ANCASH-HUARAZ	OPERADOR TECNOLÓGICO DE LOCAL DE EVALUACIÓN	73814526	JAMANCA VEGA ROLANDO	IESPP HUARAZ	AV. LUZURIAGA S/N, BARRIO NICRUPAMPA	AL COSTADO DE LA IE JORGE BASADRE GROHMANN
